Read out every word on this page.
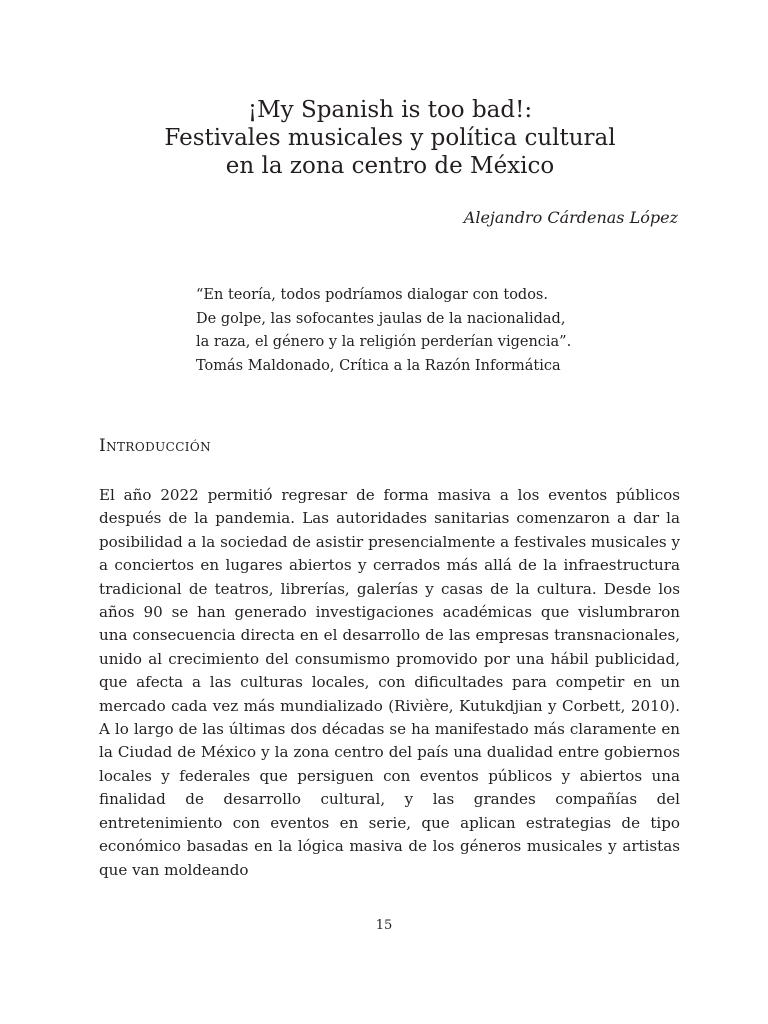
¡My Spanish is too bad!:
Festivales musicales y política cultural
en la zona centro de México
Alejandro Cárdenas López
“En teoría, todos podríamos dialogar con todos.
De golpe, las sofocantes jaulas de la nacionalidad,
la raza, el género y la religión perderían vigencia”.
Tomás Maldonado, Crítica a la Razón Informática
Introducción

El año 2022 permitió regresar de forma masiva a los eventos públicos después de la pandemia. Las autoridades sanitarias comenzaron a dar la posibilidad a la sociedad de asistir presencialmente a festivales musicales y a conciertos en lugares abiertos y cerrados más allá de la infraestructura tradicional de teatros, librerías, galerías y casas de la cultura. Desde los años 90 se han generado investigaciones académicas que vislumbraron una consecuencia directa en el desarrollo de las empresas transnacionales, unido al crecimiento del consumismo promovido por una hábil publicidad, que afecta a las culturas locales, con dificultades para competir en un mercado cada vez más mundializado (Rivière, Kutukdjian y Corbett, 2010). A lo largo de las últimas dos décadas se ha manifestado más claramente en la Ciudad de México y la zona centro del país una dualidad entre gobiernos locales y federales que persiguen con eventos públicos y abiertos una finalidad de desarrollo cultural, y las grandes compañías del entretenimiento con eventos en serie, que aplican estrategias de tipo económico basadas en la lógica masiva de los géneros musicales y artistas que van moldeando

15
